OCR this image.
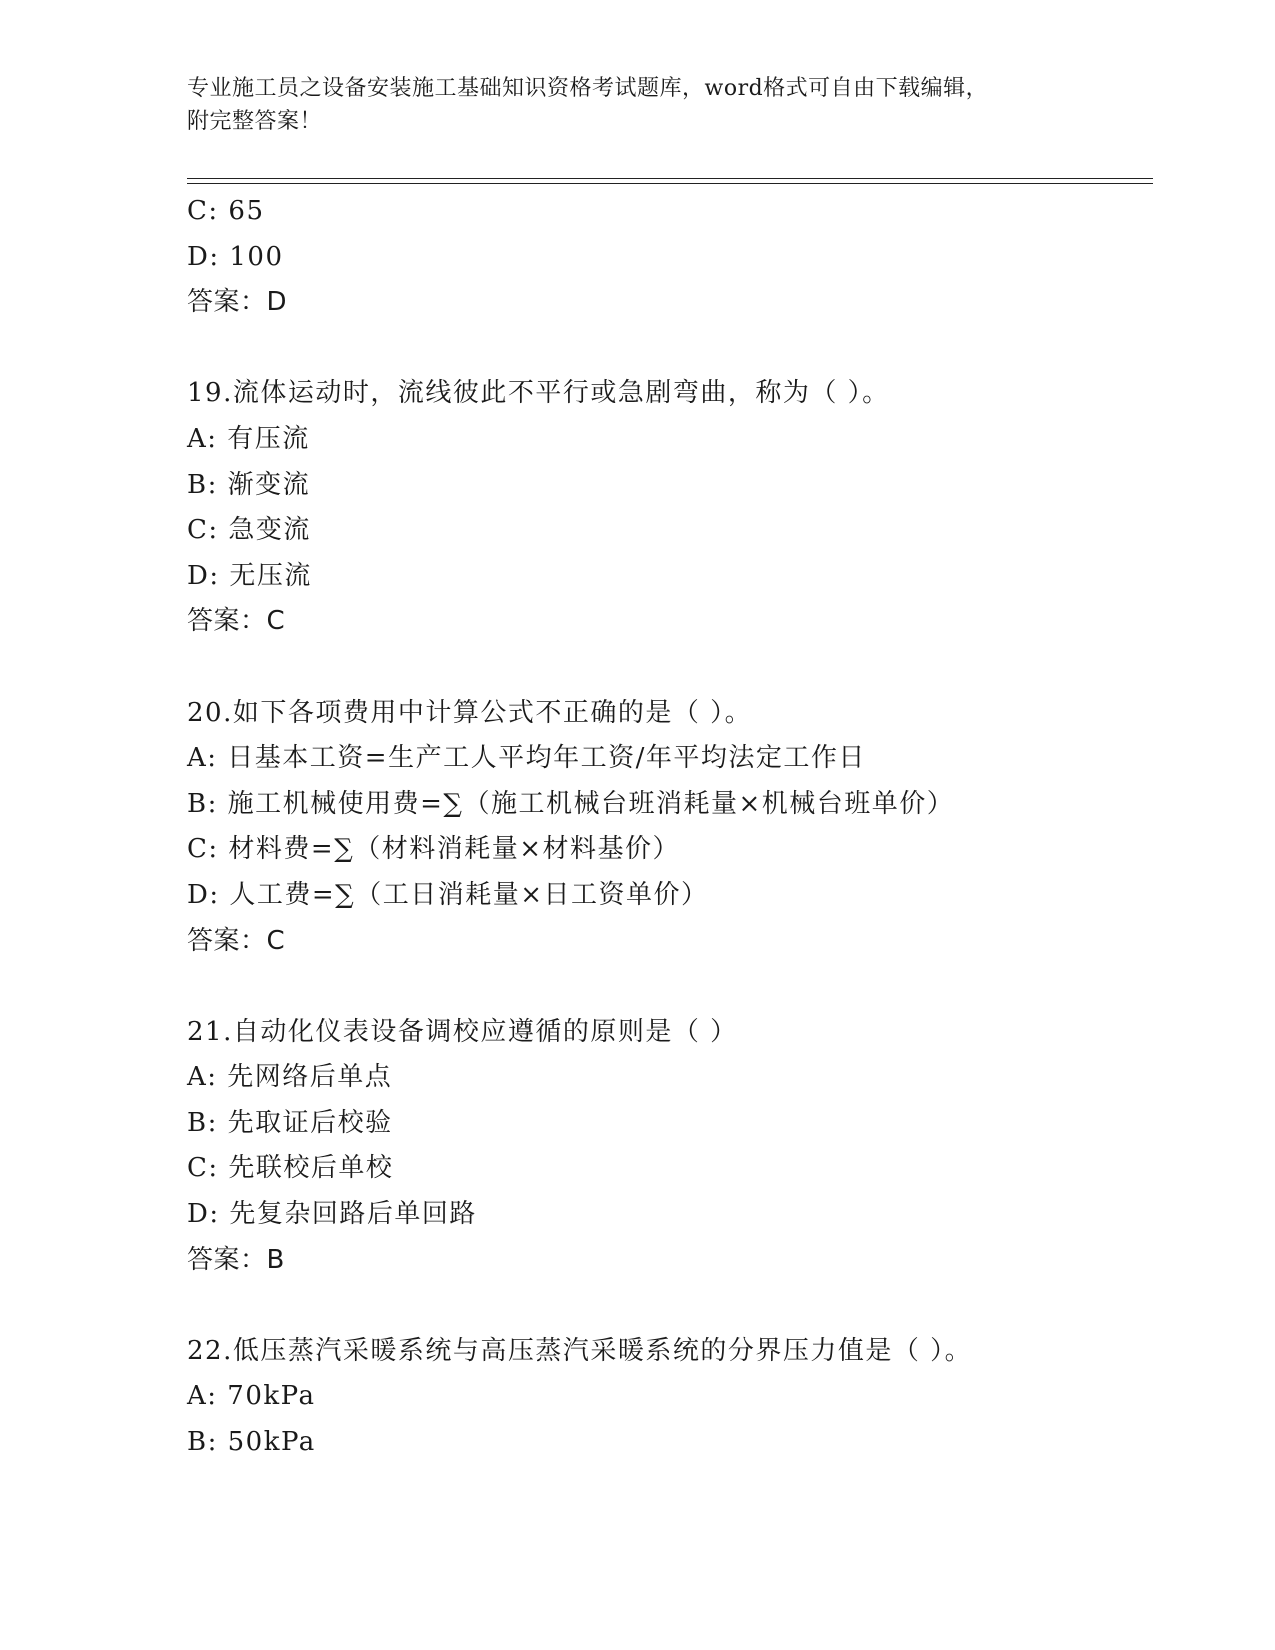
专业施工员之设备安装施工基础知识资格考试题库，word格式可自由下载编辑，
附完整答案！
C: 65
D: 100
答案：D
19.流体运动时，流线彼此不平行或急剧弯曲，称为（ ）。
A: 有压流
B: 渐变流
C: 急变流
D: 无压流
答案：C
20.如下各项费用中计算公式不正确的是（ ）。
A: 日基本工资=生产工人平均年工资/年平均法定工作日
B: 施工机械使用费=∑（施工机械台班消耗量×机械台班单价）
C: 材料费=∑（材料消耗量×材料基价）
D: 人工费=∑（工日消耗量×日工资单价）
答案：C
21.自动化仪表设备调校应遵循的原则是（ ）
A: 先网络后单点
B: 先取证后校验
C: 先联校后单校
D: 先复杂回路后单回路
答案：B
22.低压蒸汽采暖系统与高压蒸汽采暖系统的分界压力值是（ ）。
A: 70kPa
B: 50kPa
